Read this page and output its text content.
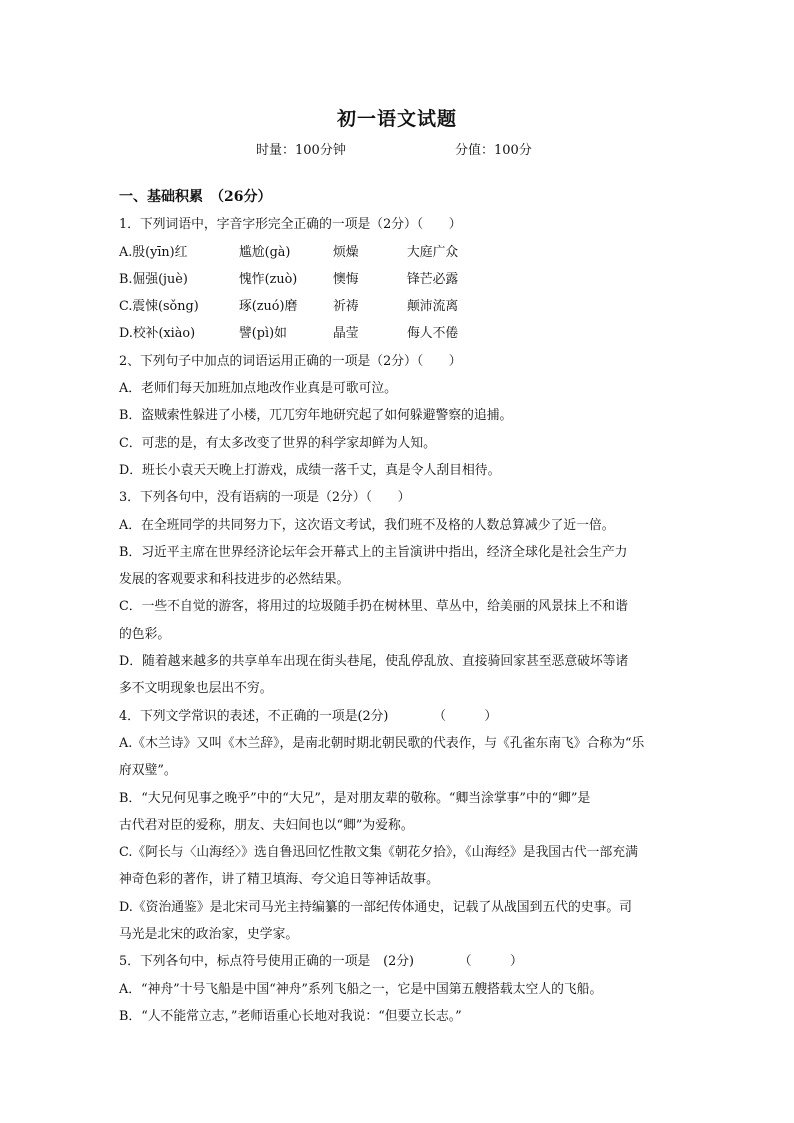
初一语文试题
时量：100分钟	分值：100分
一、基础积累　（26分）
1．下列词语中，字音字形完全正确的一项是（2分）（　　）
A.殷(yīn)红	尴尬(gà)	烦燥	大庭广众
B.倔强(juè)	愧怍(zuò)	懊悔	锋芒必露
C.震悚(sǒng)	琢(zuó)磨	祈祷	颠沛流离
D.校补(xiào)	譬(pì)如	晶莹	侮人不倦
2、下列句子中加点的词语运用正确的一项是（2分）（　　）
A．老师们每天加班加点地改作业真是可歌可泣。
B．盗贼索性躲进了小楼，兀兀穷年地研究起了如何躲避警察的追捕。
C．可悲的是，有太多改变了世界的科学家却鲜为人知。
D．班长小袁天天晚上打游戏，成绩一落千丈，真是令人刮目相待。
3．下列各句中，没有语病的一项是（2分）（　　）
A．在全班同学的共同努力下，这次语文考试，我们班不及格的人数总算减少了近一倍。
B．习近平主席在世界经济论坛年会开幕式上的主旨演讲中指出，经济全球化是社会生产力
发展的客观要求和科技进步的必然结果。
C．一些不自觉的游客，将用过的垃圾随手扔在树林里、草丛中，给美丽的风景抹上不和谐
的色彩。
D．随着越来越多的共享单车出现在街头巷尾，使乱停乱放、直接骑回家甚至恶意破坏等诸
多不文明现象也层出不穷。
4．下列文学常识的表述，不正确的一项是(2分)　　　　（　　　）
A.《木兰诗》又叫《木兰辞》，是南北朝时期北朝民歌的代表作，与《孔雀东南飞》合称为“乐
府双璧”。
B．“大兄何见事之晚乎”中的“大兄”，是对朋友辈的敬称。“卿当涂掌事”中的“卿”是
古代君对臣的爱称，朋友、夫妇间也以“卿”为爱称。
C.《阿长与〈山海经〉》选自鲁迅回忆性散文集《朝花夕拾》，《山海经》是我国古代一部充满
神奇色彩的著作，讲了精卫填海、夸父追日等神话故事。
D.《资治通鉴》是北宋司马光主持编纂的一部纪传体通史，记载了从战国到五代的史事。司
马光是北宋的政治家，史学家。
5．下列各句中，标点符号使用正确的一项是　(2分)　　　　（　　　）
A．“神舟”十号飞船是中国“神舟”系列飞船之一，它是中国第五艘搭载太空人的飞船。
B．“人不能常立志，”老师语重心长地对我说：“但要立长志。”
